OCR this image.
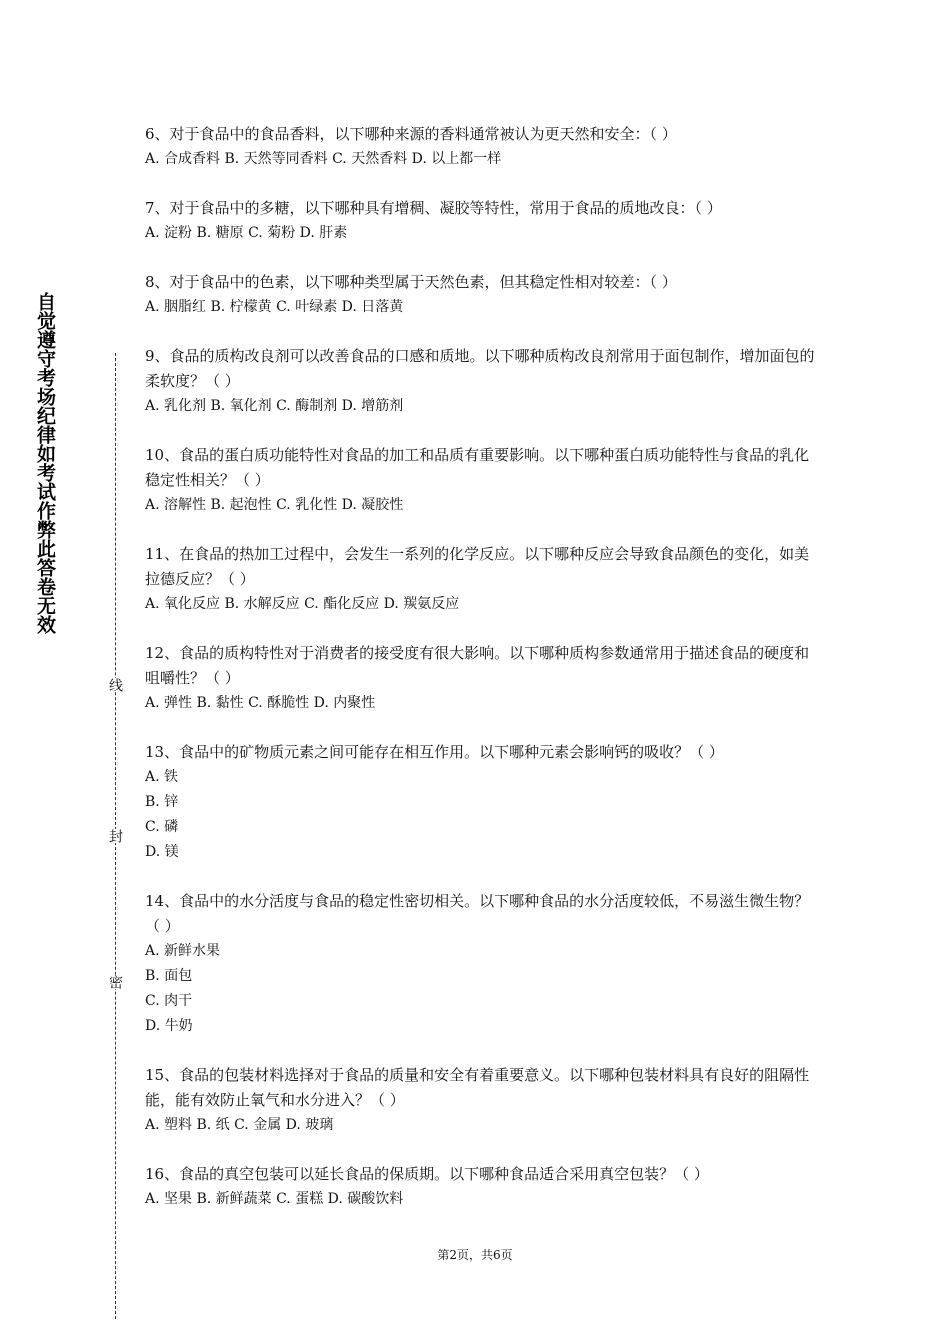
自觉遵守考场纪律如考试作弊此答卷无效
线
封
密

6、对于食品中的食品香料，以下哪种来源的香料通常被认为更天然和安全：（ ）

A. 合成香料 B. 天然等同香料 C. 天然香料 D. 以上都一样

7、对于食品中的多糖，以下哪种具有增稠、凝胶等特性，常用于食品的质地改良：（ ）

A. 淀粉 B. 糖原 C. 菊粉 D. 肝素

8、对于食品中的色素，以下哪种类型属于天然色素，但其稳定性相对较差：（ ）

A. 胭脂红 B. 柠檬黄 C. 叶绿素 D. 日落黄

9、食品的质构改良剂可以改善食品的口感和质地。以下哪种质构改良剂常用于面包制作，增加面包的柔软度？（ ）

A. 乳化剂 B. 氧化剂 C. 酶制剂 D. 增筋剂

10、食品的蛋白质功能特性对食品的加工和品质有重要影响。以下哪种蛋白质功能特性与食品的乳化稳定性相关？（ ）

A. 溶解性 B. 起泡性 C. 乳化性 D. 凝胶性

11、在食品的热加工过程中，会发生一系列的化学反应。以下哪种反应会导致食品颜色的变化，如美拉德反应？（ ）

A. 氧化反应 B. 水解反应 C. 酯化反应 D. 羰氨反应

12、食品的质构特性对于消费者的接受度有很大影响。以下哪种质构参数通常用于描述食品的硬度和咀嚼性？（ ）

A. 弹性 B. 黏性 C. 酥脆性 D. 内聚性

13、食品中的矿物质元素之间可能存在相互作用。以下哪种元素会影响钙的吸收？（ ）

A. 铁

B. 锌

C. 磷

D. 镁

14、食品中的水分活度与食品的稳定性密切相关。以下哪种食品的水分活度较低，不易滋生微生物？（ ）

A. 新鲜水果

B. 面包

C. 肉干

D. 牛奶

15、食品的包装材料选择对于食品的质量和安全有着重要意义。以下哪种包装材料具有良好的阻隔性能，能有效防止氧气和水分进入？（ ）

A. 塑料 B. 纸 C. 金属 D. 玻璃

16、食品的真空包装可以延长食品的保质期。以下哪种食品适合采用真空包装？（ ）

A. 坚果 B. 新鲜蔬菜 C. 蛋糕 D. 碳酸饮料

第2页，共6页
